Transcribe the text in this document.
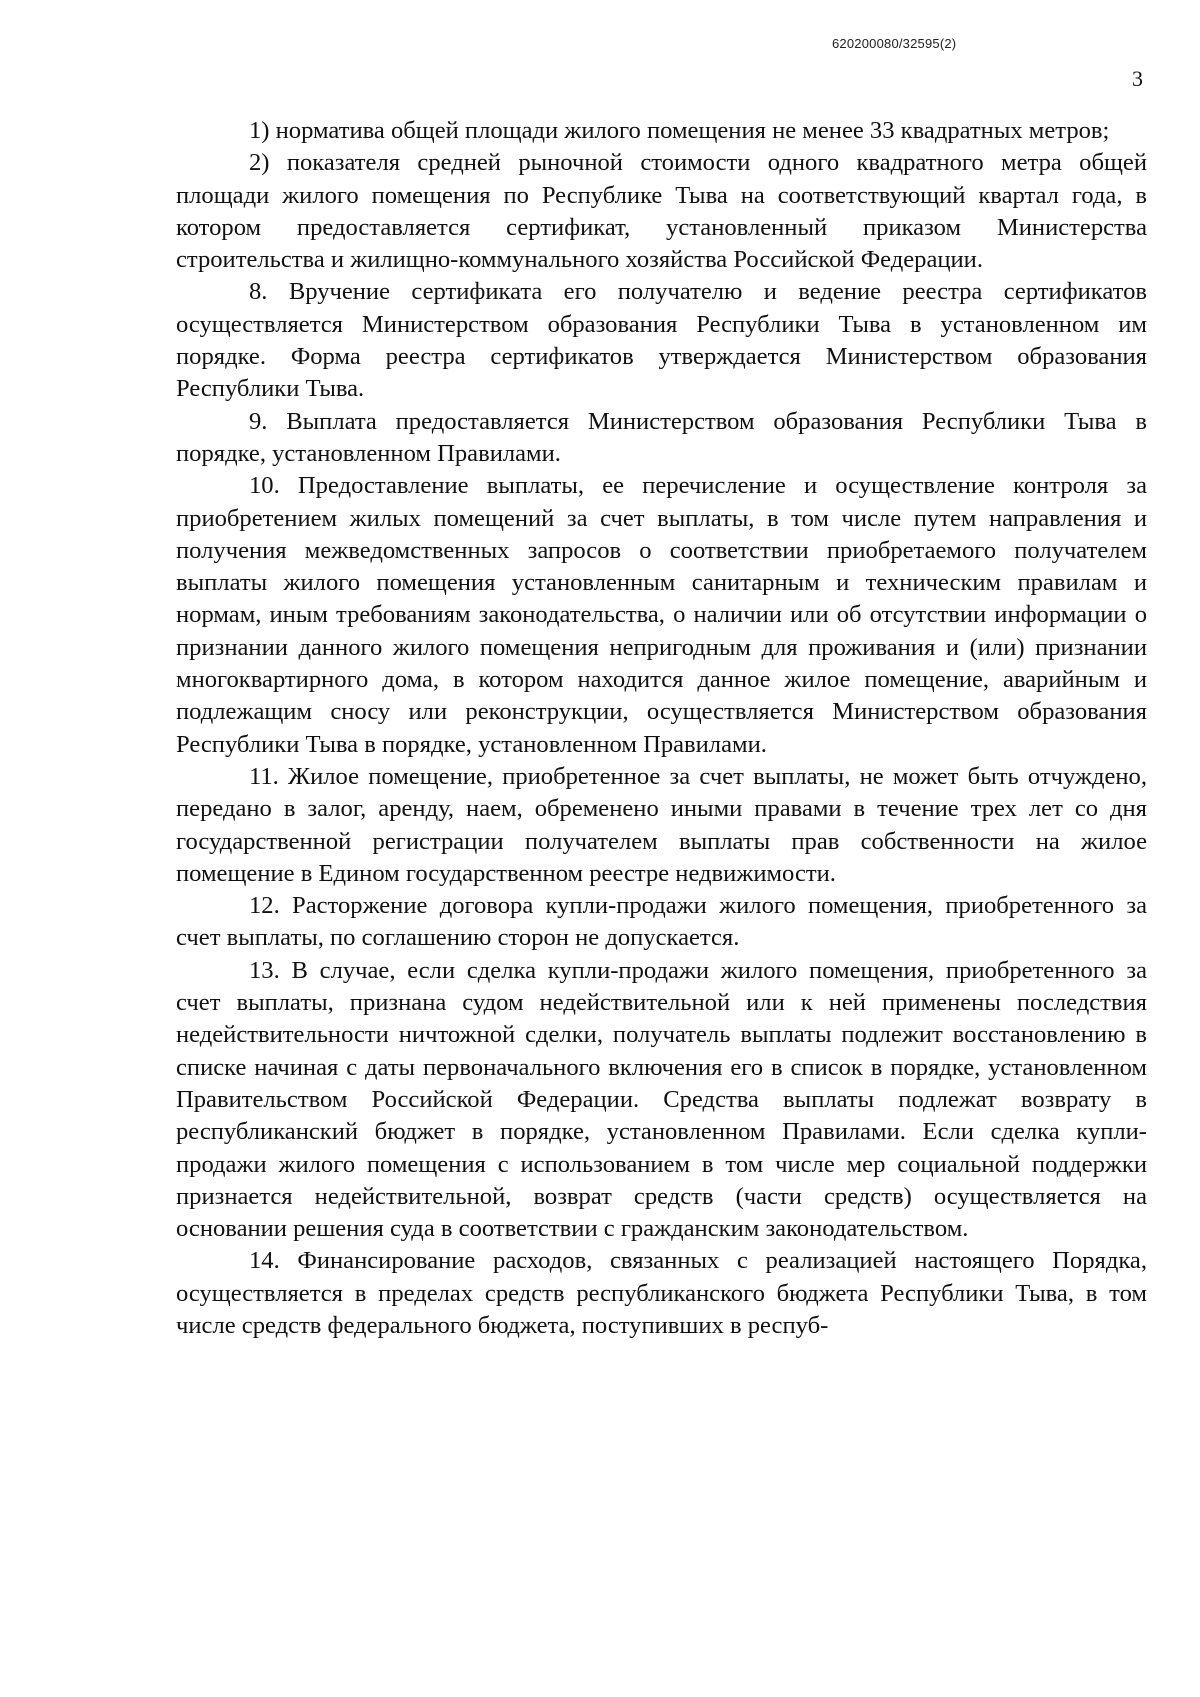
620200080/32595(2)
3

1) норматива общей площади жилого помещения не менее 33 квадратных метров;

2) показателя средней рыночной стоимости одного квадратного метра общей площади жилого помещения по Республике Тыва на соответствующий квартал года, в котором предоставляется сертификат, установленный приказом Министерства строительства и жилищно-коммунального хозяйства Российской Федерации.

8. Вручение сертификата его получателю и ведение реестра сертификатов осуществляется Министерством образования Республики Тыва в установленном им порядке. Форма реестра сертификатов утверждается Министерством образования Республики Тыва.

9. Выплата предоставляется Министерством образования Республики Тыва в порядке, установленном Правилами.

10. Предоставление выплаты, ее перечисление и осуществление контроля за приобретением жилых помещений за счет выплаты, в том числе путем направления и получения межведомственных запросов о соответствии приобретаемого получателем выплаты жилого помещения установленным санитарным и техническим правилам и нормам, иным требованиям законодательства, о наличии или об отсутствии информации о признании данного жилого помещения непригодным для проживания и (или) признании многоквартирного дома, в котором находится данное жилое помещение, аварийным и подлежащим сносу или реконструкции, осуществляется Министерством образования Республики Тыва в порядке, установленном Правилами.

11. Жилое помещение, приобретенное за счет выплаты, не может быть отчуждено, передано в залог, аренду, наем, обременено иными правами в течение трех лет со дня государственной регистрации получателем выплаты прав собственности на жилое помещение в Едином государственном реестре недвижимости.

12. Расторжение договора купли-продажи жилого помещения, приобретенного за счет выплаты, по соглашению сторон не допускается.

13. В случае, если сделка купли-продажи жилого помещения, приобретенного за счет выплаты, признана судом недействительной или к ней применены последствия недействительности ничтожной сделки, получатель выплаты подлежит восстановлению в списке начиная с даты первоначального включения его в список в порядке, установленном Правительством Российской Федерации. Средства выплаты подлежат возврату в республиканский бюджет в порядке, установленном Правилами. Если сделка купли-продажи жилого помещения с использованием в том числе мер социальной поддержки признается недействительной, возврат средств (части средств) осуществляется на основании решения суда в соответствии с гражданским законодательством.

14. Финансирование расходов, связанных с реализацией настоящего Порядка, осуществляется в пределах средств республиканского бюджета Республики Тыва, в том числе средств федерального бюджета, поступивших в респуб-
